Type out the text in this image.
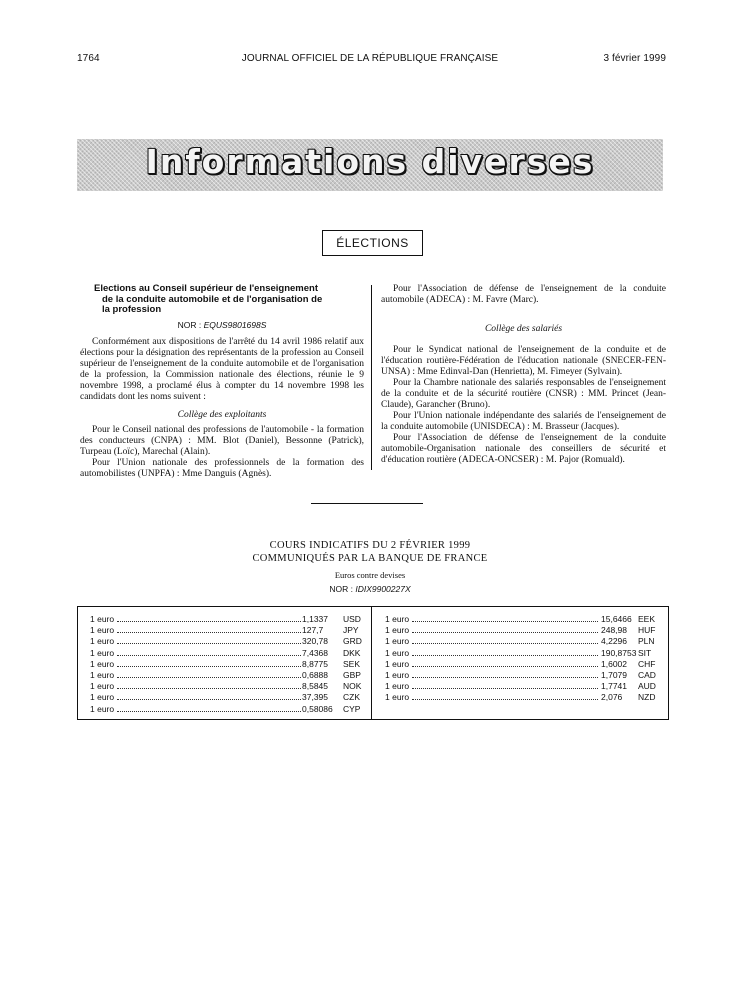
1764	JOURNAL OFFICIEL DE LA RÉPUBLIQUE FRANÇAISE	3 février 1999
Informations diverses
ÉLECTIONS

Elections au Conseil supérieur de l'enseignement

de la conduite automobile et de l'organisation de

la profession

NOR : EQUS9801698S

Conformément aux dispositions de l'arrêté du 14 avril 1986 relatif aux élections pour la désignation des représentants de la profession au Conseil supérieur de l'enseignement de la conduite automobile et de l'organisation de la profession, la Commission nationale des élections, réunie le 9 novembre 1998, a proclamé élus à compter du 14 novembre 1998 les candidats dont les noms suivent :

Collège des exploitants

Pour le Conseil national des professions de l'automobile - la formation des conducteurs (CNPA) : MM. Blot (Daniel), Bessonne (Patrick), Turpeau (Loïc), Marechal (Alain).

Pour l'Union nationale des professionnels de la formation des automobilistes (UNPFA) : Mme Danguis (Agnès).

Pour l'Association de défense de l'enseignement de la conduite automobile (ADECA) : M. Favre (Marc).

Collège des salariés

Pour le Syndicat national de l'enseignement de la conduite et de l'éducation routière-Fédération de l'éducation nationale (SNECER-FEN-UNSA) : Mme Edinval-Dan (Henrietta), M. Fimeyer (Sylvain).

Pour la Chambre nationale des salariés responsables de l'enseignement de la conduite et de la sécurité routière (CNSR) : MM. Princet (Jean-Claude), Garancher (Bruno).

Pour l'Union nationale indépendante des salariés de l'enseignement de la conduite automobile (UNISDECA) : M. Brasseur (Jacques).

Pour l'Association de défense de l'enseignement de la conduite automobile-Organisation nationale des conseillers de sécurité et d'éducation routière (ADECA-ONCSER) : M. Pajor (Romuald).

COURS INDICATIFS DU 2 FÉVRIER 1999
COMMUNIQUÉS PAR LA BANQUE DE FRANCE
Euros contre devises
NOR : IDIX9900227X
1 euro	1,1337 USD
1 euro	127,7 JPY
1 euro	320,78 GRD
1 euro	7,4368 DKK
1 euro	8,8775 SEK
1 euro	0,6888 GBP
1 euro	8,5845 NOK
1 euro	37,395 CZK
1 euro	0,58086 CYP
1 euro	15,6466 EEK
1 euro	248,98 HUF
1 euro	4,2296 PLN
1 euro	190,8753 SIT
1 euro	1,6002 CHF
1 euro	1,7079 CAD
1 euro	1,7741 AUD
1 euro	2,076 NZD
